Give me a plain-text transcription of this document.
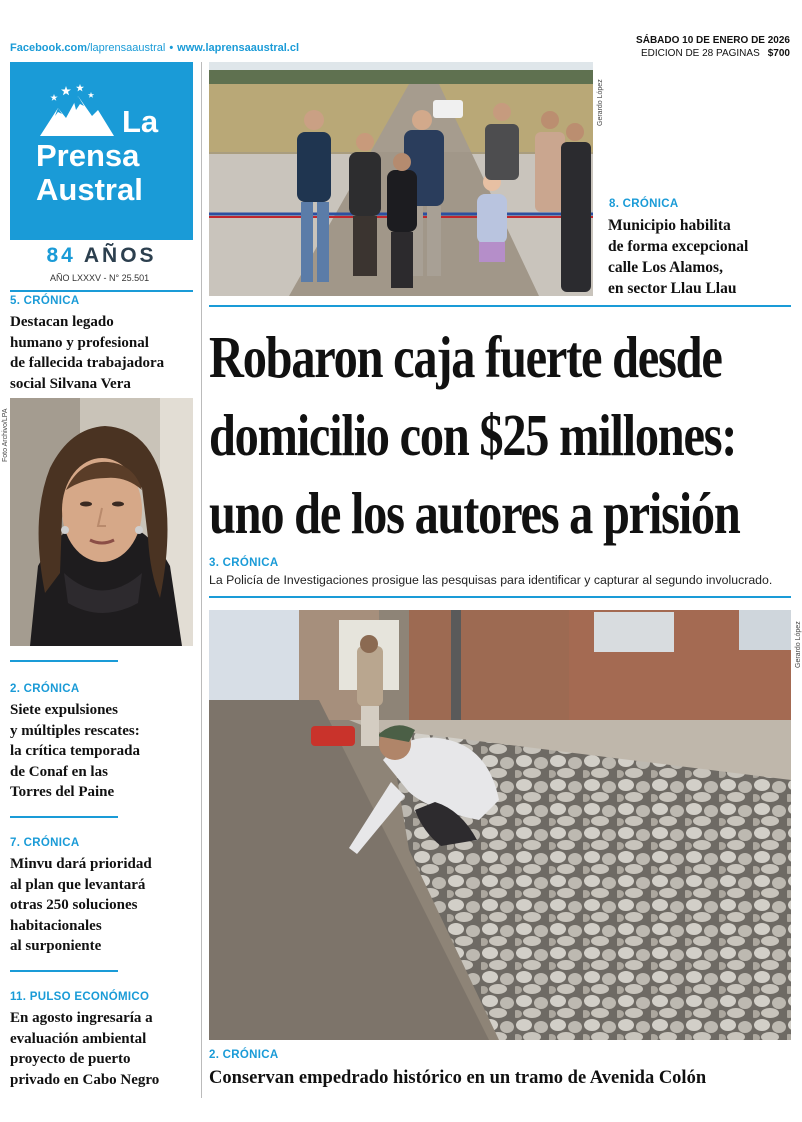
Facebook.com/laprensaaustral • www.laprensaaustral.cl
SÁBADO 10 DE ENERO DE 2026
EDICION DE 28 PAGINAS $700
La
Prensa
Austral
84 AÑOS
AÑO LXXXV - N° 25.501
5. CRÓNICA
Destacan legado
humano y profesional
de fallecida trabajadora
social Silvana Vera
Foto Archivo/LPA
2. CRÓNICA
Siete expulsiones
y múltiples rescates:
la crítica temporada
de Conaf en las
Torres del Paine
7. CRÓNICA
Minvu dará prioridad
al plan que levantará
otras 250 soluciones
habitacionales
al surponiente
11. PULSO ECONÓMICO
En agosto ingresaría a
evaluación ambiental
proyecto de puerto
privado en Cabo Negro
Gerardo López
8. CRÓNICA
Municipio habilita
de forma excepcional
calle Los Alamos,
en sector Llau Llau
Robaron caja fuerte desde
domicilio con $25 millones:
uno de los autores a prisión
3. CRÓNICA
La Policía de Investigaciones prosigue las pesquisas para identificar y capturar al segundo involucrado.
Gerardo López
2. CRÓNICA
Conservan empedrado histórico en un tramo de Avenida Colón
